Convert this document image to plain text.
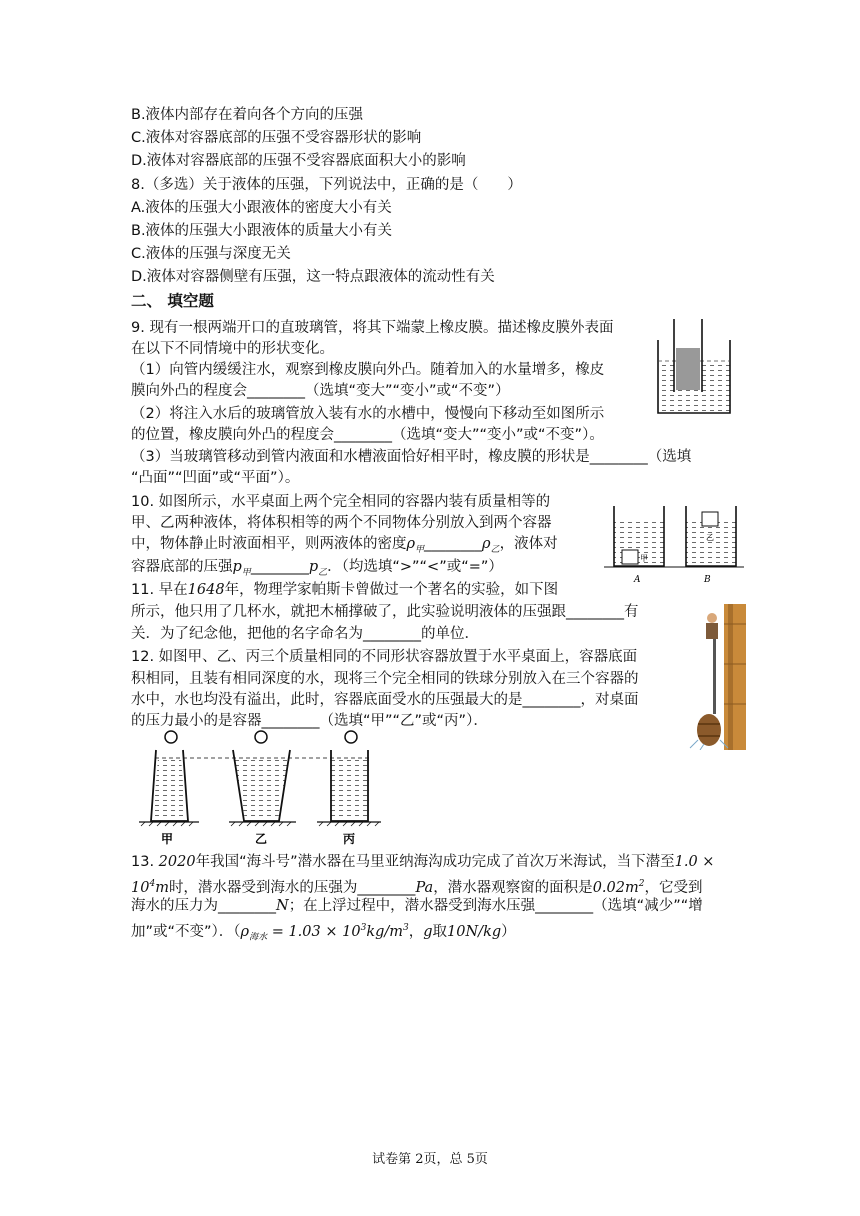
B.液体内部存在着向各个方向的压强
C.液体对容器底部的压强不受容器形状的影响
D.液体对容器底部的压强不受容器底面积大小的影响
8.（多选）关于液体的压强，下列说法中，正确的是（　　）
A.液体的压强大小跟液体的密度大小有关
B.液体的压强大小跟液体的质量大小有关
C.液体的压强与深度无关
D.液体对容器侧壁有压强，这一特点跟液体的流动性有关
二、 填空题
9. 现有一根两端开口的直玻璃管，将其下端蒙上橡皮膜。描述橡皮膜外表面
在以下不同情境中的形状变化。
（1）向管内缓缓注水，观察到橡皮膜向外凸。随着加入的水量增多，橡皮
膜向外凸的程度会________（选填“变大”“变小”或“不变”）
（2）将注入水后的玻璃管放入装有水的水槽中，慢慢向下移动至如图所示
的位置，橡皮膜向外凸的程度会________（选填“变大”“变小”或“不变”）。
（3）当玻璃管移动到管内液面和水槽液面恰好相平时，橡皮膜的形状是________（选填
“凸面”“凹面”或“平面”）。
10. 如图所示，水平桌面上两个完全相同的容器内装有质量相等的
甲、乙两种液体，将体积相等的两个不同物体分别放入到两个容器
中，物体静止时液面相平，则两液体的密度$\rho_甲\_\_\_\_\_\_\_\_\rho_乙$，液体对
容器底部的压强$p_甲\_\_\_\_\_\_\_\_p_乙$．（均选填“>”“<”或“=”）
甲
乙
A	B
11. 早在1648年，物理学家帕斯卡曾做过一个著名的实验，如下图
所示，他只用了几杯水，就把木桶撑破了，此实验说明液体的压强跟________有
关．为了纪念他，把他的名字命名为________的单位．
12. 如图甲、乙、丙三个质量相同的不同形状容器放置于水平桌面上，容器底面
积相同，且装有相同深度的水，现将三个完全相同的铁球分别放入在三个容器的
水中，水也均没有溢出，此时，容器底面受水的压强最大的是________，对桌面
的压力最小的是容器________（选填“甲”“乙”或“丙”）．
甲	乙	丙
13. 2020年我国“海斗号”潜水器在马里亚纳海沟成功完成了首次万米海试，当下潜至1.0 ×
$10^4m$时，潜水器受到海水的压强为________Pa，潜水器观察窗的面积是$0.02m^2$，它受到
海水的压力为________N；在上浮过程中，潜水器受到海水压强________（选填“减少”“增
加”或“不变”）．（$\rho_{海水} = 1.03 \times 10^3kg/m^3$，g取10N/kg）
试卷第 2页，总 5页
